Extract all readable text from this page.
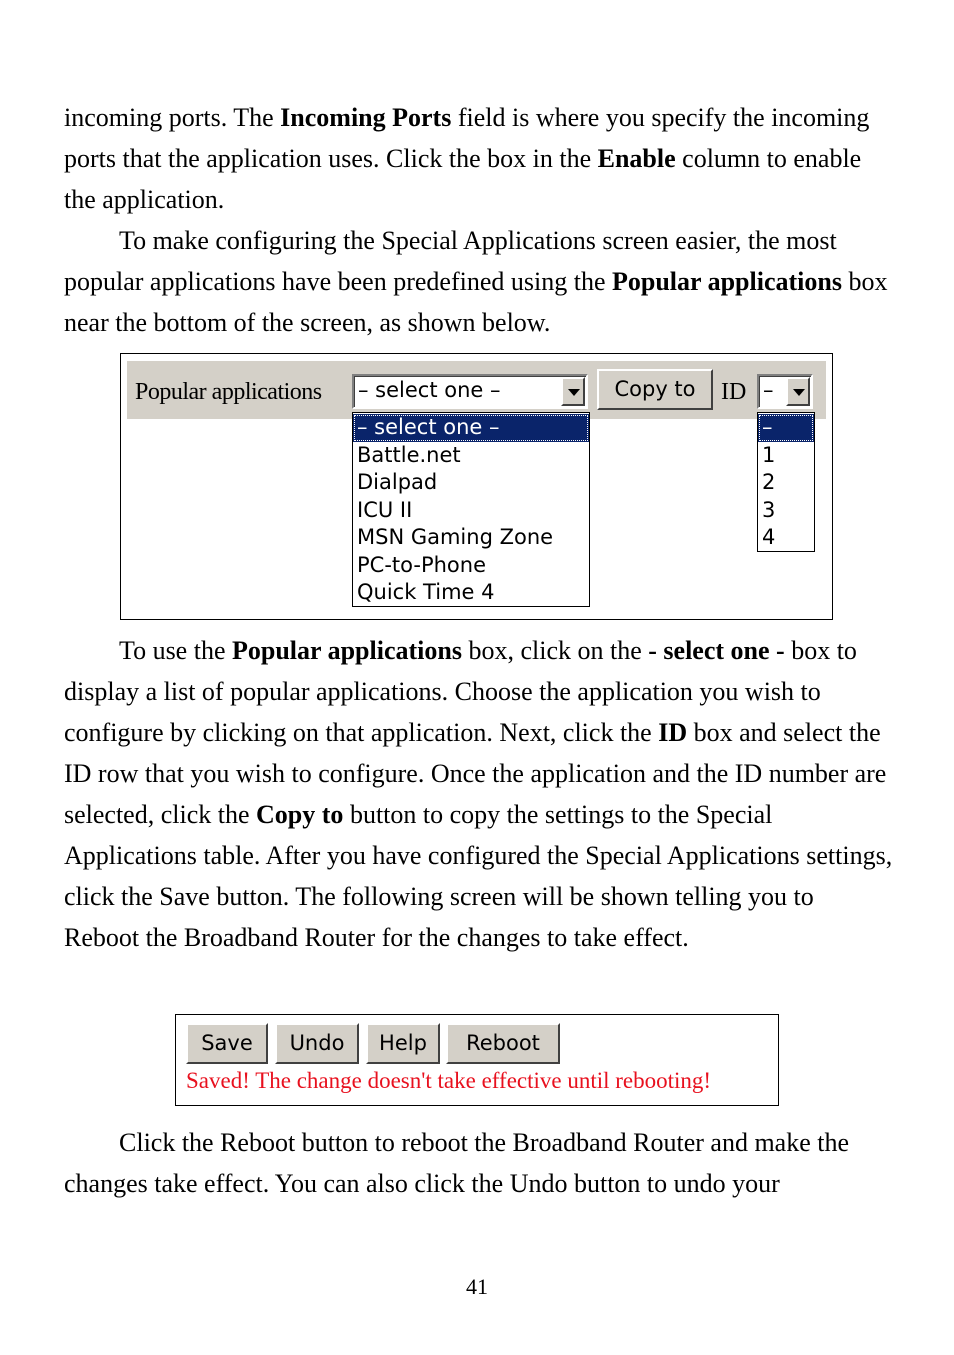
incoming ports. The Incoming Ports field is where you specify the incoming ports that the application uses. Click the box in the Enable column to enable the application.

To make configuring the Special Applications screen easier, the most popular applications have been predefined using the Popular applications box near the bottom of the screen, as shown below.

Popular applications – select one –	Copy to	ID –
– select one –
Battle.net
Dialpad
ICU II
MSN Gaming Zone
PC-to-Phone
Quick Time 4
–
1
2
3
4

To use the Popular applications box, click on the - select one - box to display a list of popular applications. Choose the application you wish to configure by clicking on that application. Next, click the ID box and select the ID row that you wish to configure. Once the application and the ID number are selected, click the Copy to button to copy the settings to the Special Applications table. After you have configured the Special Applications settings, click the Save button. The following screen will be shown telling you to Reboot the Broadband Router for the changes to take effect.

Save	Undo	Help	Reboot
Saved! The change doesn't take effective until rebooting!

Click the Reboot button to reboot the Broadband Router and make the changes take effect. You can also click the Undo button to undo your

41
